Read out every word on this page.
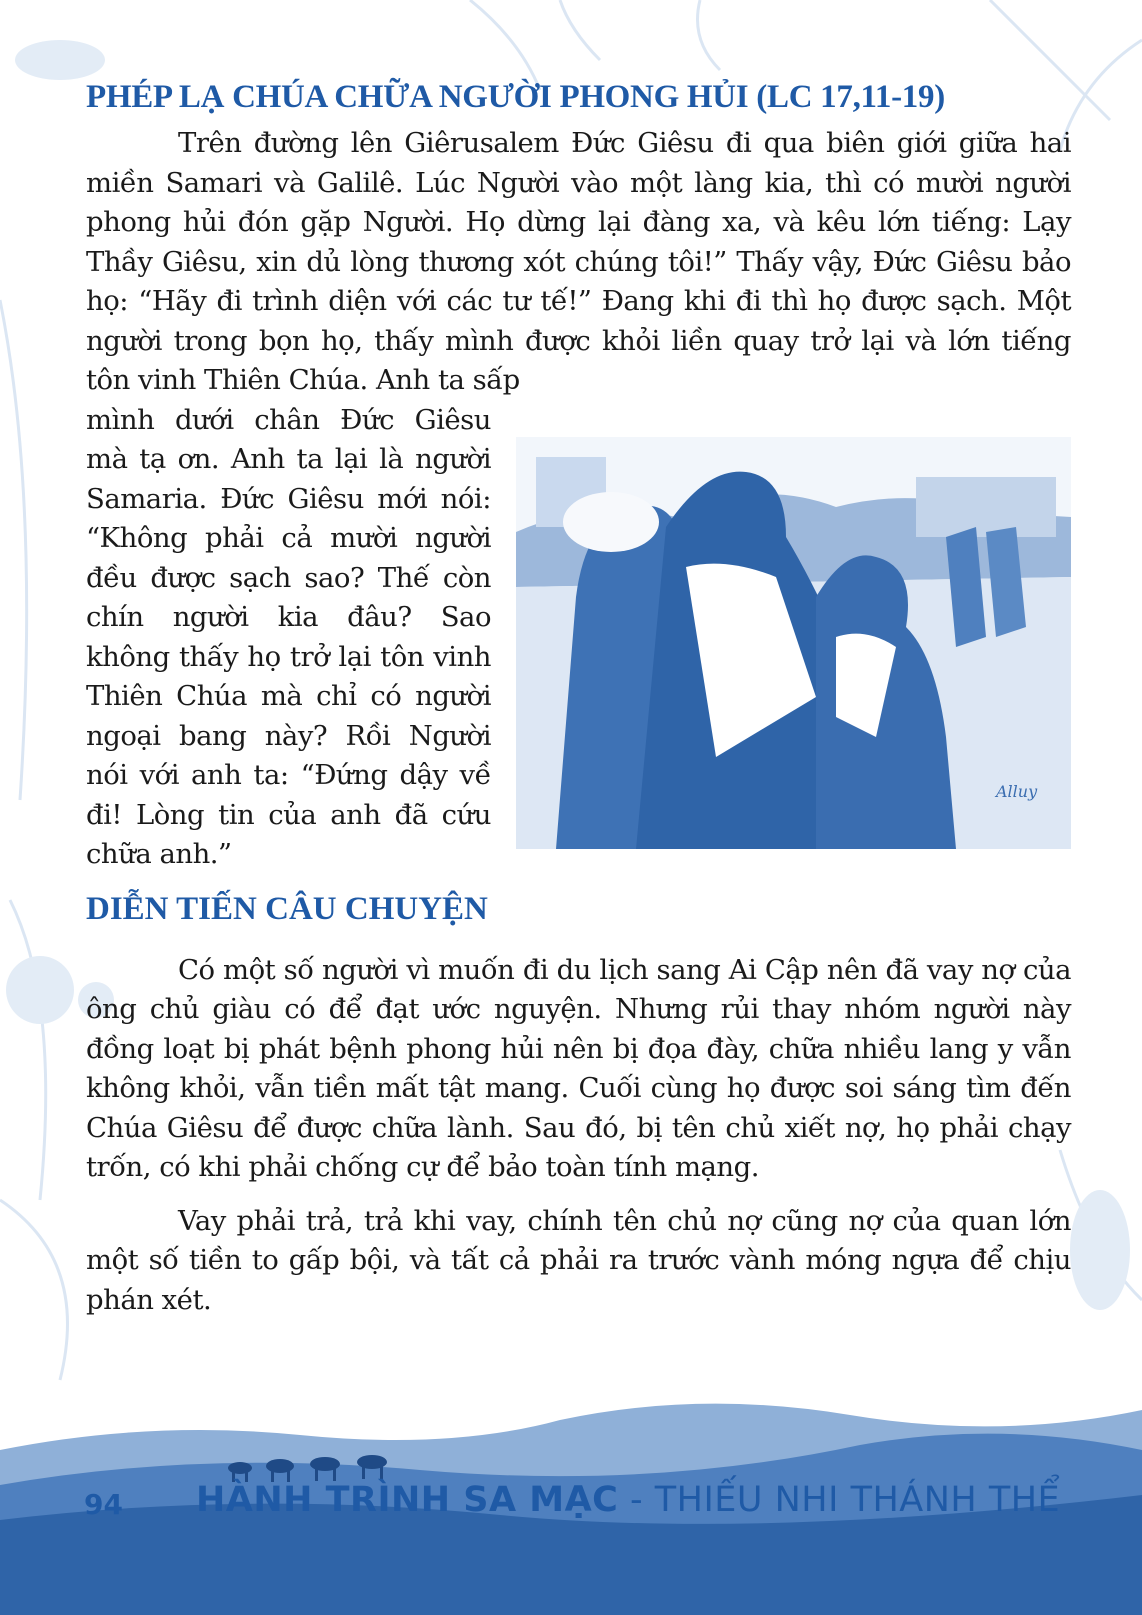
PHÉP LẠ CHÚA CHỮA NGƯỜI PHONG HỦI (LC 17,11-19)

Trên đường lên Giêrusalem Đức Giêsu đi qua biên giới giữa hai miền Samari và Galilê. Lúc Người vào một làng kia, thì có mười người phong hủi đón gặp Người. Họ dừng lại đàng xa, và kêu lớn tiếng: Lạy Thầy Giêsu, xin dủ lòng thương xót chúng tôi!” Thấy vậy, Đức Giêsu bảo họ: “Hãy đi trình diện với các tư tế!” Đang khi đi thì họ được sạch. Một người trong bọn họ, thấy mình được khỏi liền quay trở lại và lớn tiếng tôn vinh Thiên Chúa. Anh ta sấp

mình dưới chân Đức Giêsu mà tạ ơn. Anh ta lại là người Samaria. Đức Giêsu mới nói: “Không phải cả mười người đều được sạch sao? Thế còn chín người kia đâu? Sao không thấy họ trở lại tôn vinh Thiên Chúa mà chỉ có người ngoại bang này? Rồi Người nói với anh ta: “Đứng dậy về đi! Lòng tin của anh đã cứu chữa anh.”

Alluy
DIỄN TIẾN CÂU CHUYỆN

Có một số người vì muốn đi du lịch sang Ai Cập nên đã vay nợ của ông chủ giàu có để đạt ước nguyện. Nhưng rủi thay nhóm người này đồng loạt bị phát bệnh phong hủi nên bị đọa đày, chữa nhiều lang y vẫn không khỏi, vẫn tiền mất tật mang. Cuối cùng họ được soi sáng tìm đến Chúa Giêsu để được chữa lành. Sau đó, bị tên chủ xiết nợ, họ phải chạy trốn, có khi phải chống cự để bảo toàn tính mạng.

Vay phải trả, trả khi vay, chính tên chủ nợ cũng nợ của quan lớn một số tiền to gấp bội, và tất cả phải ra trước vành móng ngựa để chịu phán xét.

94 HÀNH TRÌNH SA MẠC - THIẾU NHI THÁNH THỂ
